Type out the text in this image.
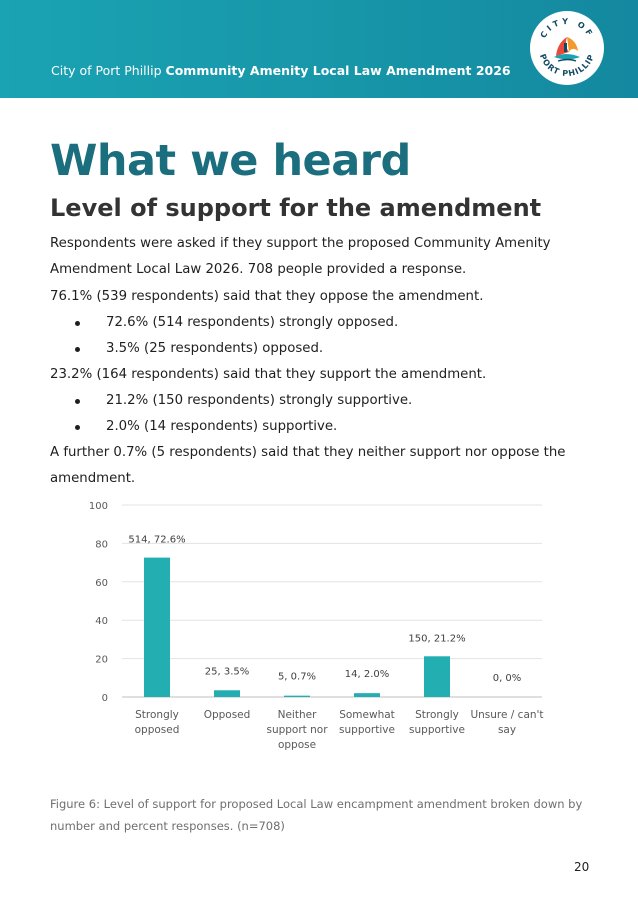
City of Port Phillip Community Amenity Local Law Amendment 2026
CITY OF
PORT PHILLIP
What we heard
Level of support for the amendment

Respondents were asked if they support the proposed Community Amenity Amendment Local Law 2026. 708 people provided a response.

76.1% (539 respondents) said that they oppose the amendment.

72.6% (514 respondents) strongly opposed.
3.5% (25 respondents) opposed.

23.2% (164 respondents) said that they support the amendment.

21.2% (150 respondents) strongly supportive.
2.0% (14 respondents) supportive.

A further 0.7% (5 respondents) said that they neither support nor oppose the amendment.

0
20
40
60
80
100
514, 72.6%
Strongly
opposed
25, 3.5%
Opposed
5, 0.7%
Neither
support nor
oppose
14, 2.0%
Somewhat
supportive
150, 21.2%
Strongly
supportive
0, 0%
Unsure / can't
say

Figure 6: Level of support for proposed Local Law encampment amendment broken down by number and percent responses. (n=708)

20
